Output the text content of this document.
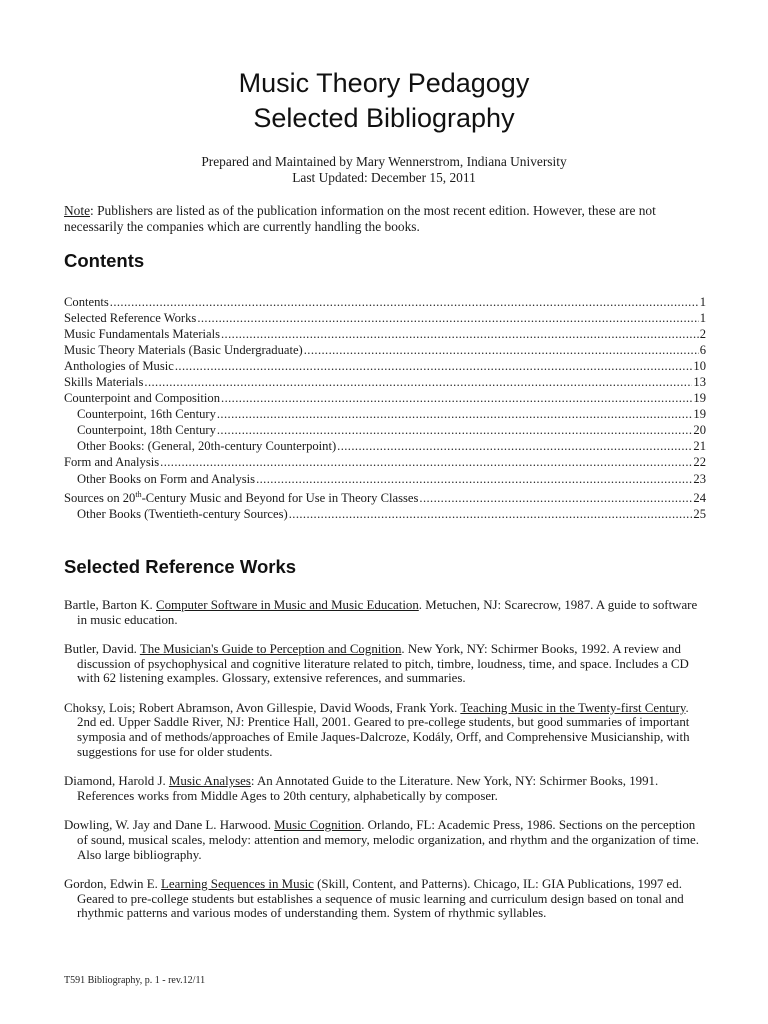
Music Theory Pedagogy
Selected Bibliography
Prepared and Maintained by Mary Wennerstrom, Indiana University
Last Updated: December 15, 2011
Note: Publishers are listed as of the publication information on the most recent edition. However, these are not necessarily the companies which are currently handling the books.
Contents
Contents .....	1
Selected Reference Works .....	1
Music Fundamentals Materials .....	2
Music Theory Materials (Basic Undergraduate) .....	6
Anthologies of Music .....	10
Skills Materials .....	13
Counterpoint and Composition .....	19
Counterpoint, 16th Century .....	19
Counterpoint, 18th Century .....	20
Other Books: (General, 20th-century Counterpoint) .....	21
Form and Analysis .....	22
Other Books on Form and Analysis .....	23
Sources on 20th-Century Music and Beyond for Use in Theory Classes .....	24
Other Books (Twentieth-century Sources) .....	25
Selected Reference Works
Bartle, Barton K. Computer Software in Music and Music Education. Metuchen, NJ: Scarecrow, 1987. A guide to software in music education.
Butler, David. The Musician's Guide to Perception and Cognition. New York, NY: Schirmer Books, 1992. A review and discussion of psychophysical and cognitive literature related to pitch, timbre, loudness, time, and space. Includes a CD with 62 listening examples. Glossary, extensive references, and summaries.
Choksy, Lois; Robert Abramson, Avon Gillespie, David Woods, Frank York. Teaching Music in the Twenty-first Century. 2nd ed. Upper Saddle River, NJ: Prentice Hall, 2001. Geared to pre-college students, but good summaries of important symposia and of methods/approaches of Emile Jaques-Dalcroze, Kodály, Orff, and Comprehensive Musicianship, with suggestions for use for older students.
Diamond, Harold J. Music Analyses: An Annotated Guide to the Literature. New York, NY: Schirmer Books, 1991. References works from Middle Ages to 20th century, alphabetically by composer.
Dowling, W. Jay and Dane L. Harwood. Music Cognition. Orlando, FL: Academic Press, 1986. Sections on the perception of sound, musical scales, melody: attention and memory, melodic organization, and rhythm and the organization of time. Also large bibliography.
Gordon, Edwin E. Learning Sequences in Music (Skill, Content, and Patterns). Chicago, IL: GIA Publications, 1997 ed. Geared to pre-college students but establishes a sequence of music learning and curriculum design based on tonal and rhythmic patterns and various modes of understanding them. System of rhythmic syllables.
T591 Bibliography, p. 1 - rev.12/11
